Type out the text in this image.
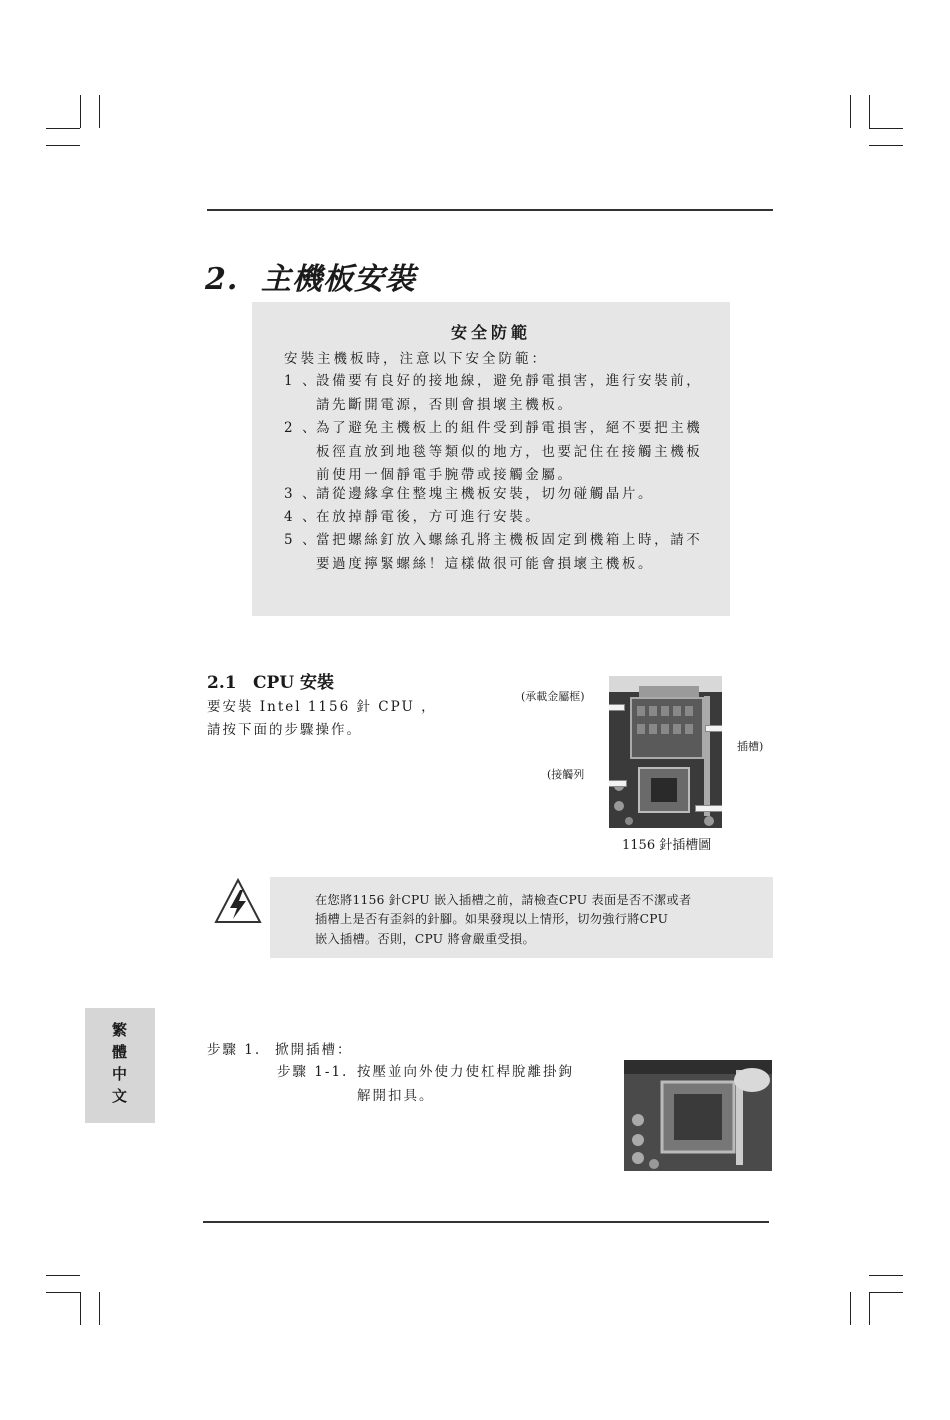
2. 主機板安裝
安全防範
安裝主機板時，注意以下安全防範：
1 、
設備要有良好的接地線，避免靜電損害，進行安裝前，請先斷開電源，否則會損壞主機板。
2 、
為了避免主機板上的組件受到靜電損害，絕不要把主機板徑直放到地毯等類似的地方，也要記住在接觸主機板前使用一個靜電手腕帶或接觸金屬。
3 、
請從邊緣拿住整塊主機板安裝，切勿碰觸晶片。
4 、
在放掉靜電後，方可進行安裝。
5 、
當把螺絲釘放入螺絲孔將主機板固定到機箱上時，請不要過度擰緊螺絲！這樣做很可能會損壞主機板。
2.1 CPU 安裝
要安裝 Intel 1156 針 CPU ，請按下面的步驟操作。
(承載金屬框)
插槽)
(接觸列
1156 針插槽圖
在您將1156 針CPU 嵌入插槽之前，請檢查CPU 表面是否不潔或者
插槽上是否有歪斜的針腳。如果發現以上情形，切勿強行將CPU
嵌入插槽。否則，CPU 將會嚴重受損。
繁體中文	步驟 1. 掀開插槽：
步驟 1-1. 按壓並向外使力使杠桿脫離掛鉤解開扣具。
